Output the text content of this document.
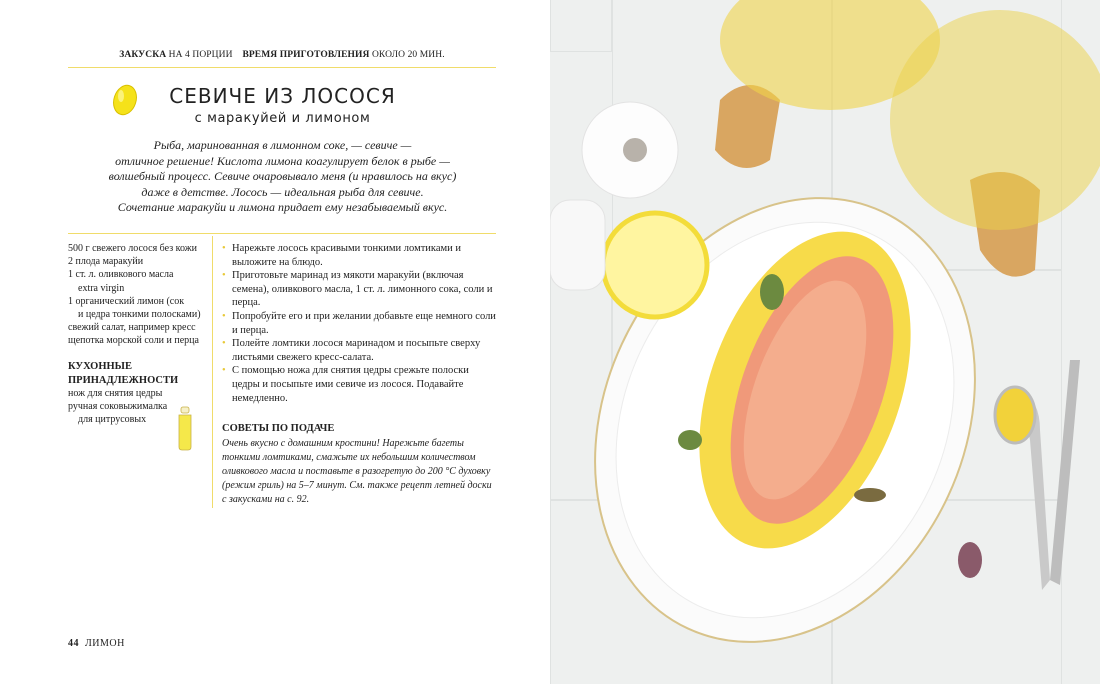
ЗАКУСКА НА 4 ПОРЦИИ ВРЕМЯ ПРИГОТОВЛЕНИЯ ОКОЛО 20 МИН.
СЕВИЧЕ ИЗ ЛОСОСЯ
с маракуйей и лимоном
Рыба, маринованная в лимонном соке, — севиче —
отличное решение! Кислота лимона коагулирует белок в рыбе —
волшебный процесс. Севиче очаровывало меня (и нравилось на вкус)
даже в детстве. Лосось — идеальная рыба для севиче.
Сочетание маракуйи и лимона придает ему незабываемый вкус.
500 г свежего лосося без кожи
2 плода маракуйи
1 ст. л. оливкового масла
extra virgin
1 органический лимон (сок
и цедра тонкими полосками)
свежий салат, например кресс
щепотка морской соли и перца
КУХОННЫЕ
ПРИНАДЛЕЖНОСТИ
нож для снятия цедры
ручная соковыжималка
для цитрусовых
• Нарежьте лосось красивыми тонкими ломтиками и выложите на блюдо.
• Приготовьте маринад из мякоти маракуйи (включая семена), оливкового масла, 1 ст. л. лимонного сока, соли и перца.
• Попробуйте его и при желании добавьте еще немного соли и перца.
• Полейте ломтики лосося маринадом и посыпьте сверху листьями свежего кресс-салата.
• С помощью ножа для снятия цедры срежьте полоски цедры и посыпьте ими севиче из лосося. Подавайте немедленно.
СОВЕТЫ ПО ПОДАЧЕ
Очень вкусно с домашним кростини! Нарежьте багеты тонкими ломтиками, смажьте их небольшим количеством оливкового масла и поставьте в разогретую до 200 °C духовку (режим гриль) на 5–7 минут. См. также рецепт летней доски с закусками на с. 92.
44 ЛИМОН
